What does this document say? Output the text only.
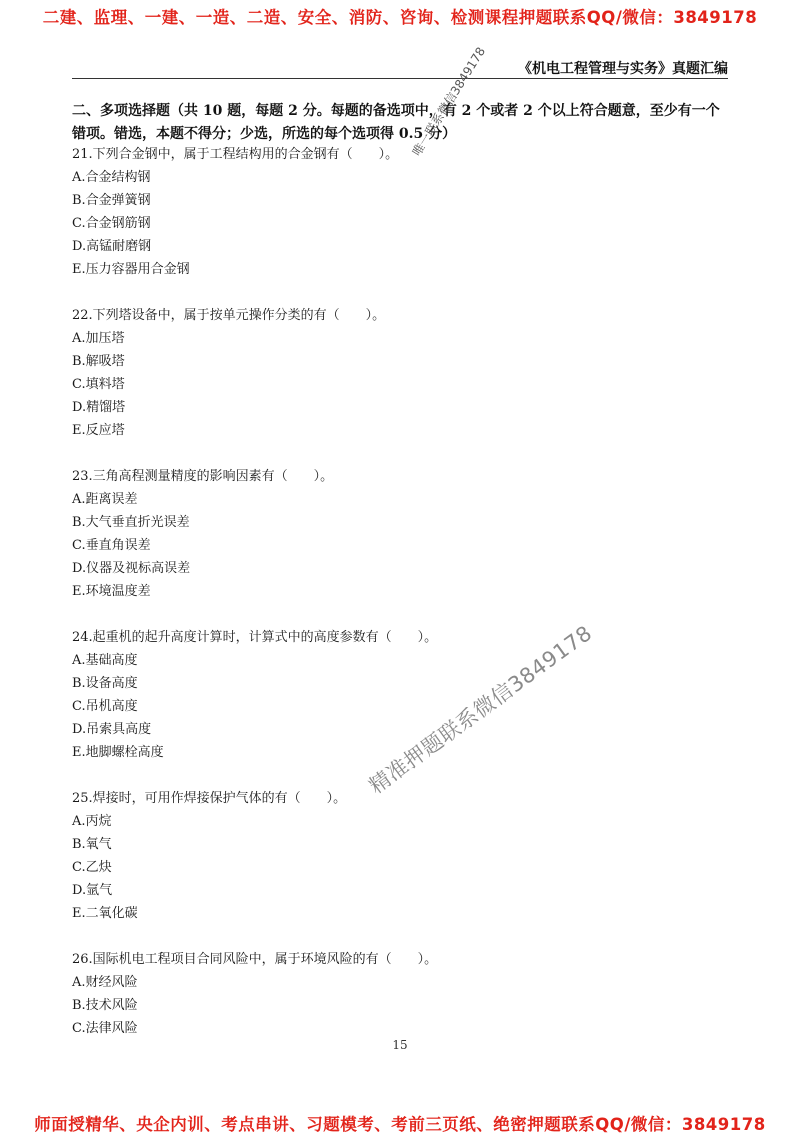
二建、监理、一建、一造、二造、安全、消防、咨询、检测课程押题联系QQ/微信：3849178
《机电工程管理与实务》真题汇编
二、多项选择题（共 10 题，每题 2 分。每题的备选项中，有 2 个或者 2 个以上符合题意，至少有一个错项。错选，本题不得分；少选，所选的每个选项得 0.5 分）
21.下列合金钢中，属于工程结构用的合金钢有（　　）。
A.合金结构钢
B.合金弹簧钢
C.合金钢筋钢
D.高锰耐磨钢
E.压力容器用合金钢
22.下列塔设备中，属于按单元操作分类的有（　　）。
A.加压塔
B.解吸塔
C.填料塔
D.精馏塔
E.反应塔
23.三角高程测量精度的影响因素有（　　）。
A.距离误差
B.大气垂直折光误差
C.垂直角误差
D.仪器及视标高误差
E.环境温度差
24.起重机的起升高度计算时，计算式中的高度参数有（　　）。
A.基础高度
B.设备高度
C.吊机高度
D.吊索具高度
E.地脚螺栓高度
25.焊接时，可用作焊接保护气体的有（　　）。
A.丙烷
B.氧气
C.乙炔
D.氩气
E.二氧化碳
26.国际机电工程项目合同风险中，属于环境风险的有（　　）。
A.财经风险
B.技术风险
C.法律风险
唯一联系微信3849178
精准押题联系微信3849178
15
师面授精华、央企内训、考点串讲、习题模考、考前三页纸、绝密押题联系QQ/微信：3849178
